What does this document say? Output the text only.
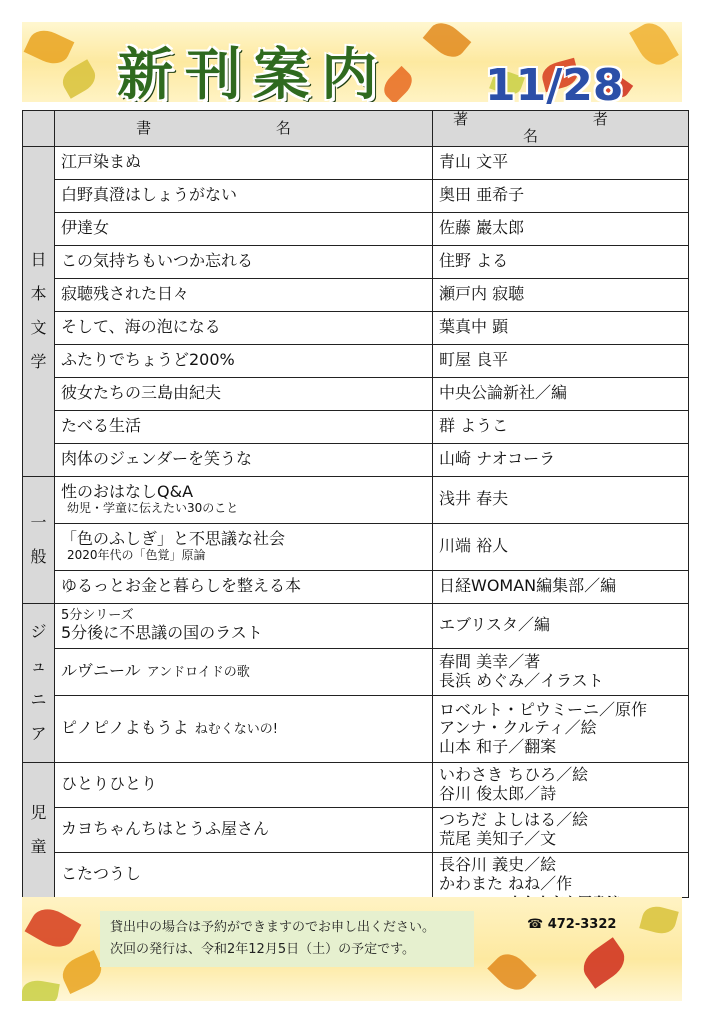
新刊案内 11/28
	書 名	著 者 名
日本文学	江戸染まぬ	青山 文平

	白野真澄はしょうがない	奥田 亜希子

	伊達女	佐藤 巖太郎

	この気持ちもいつか忘れる	住野 よる

	寂聴残された日々	瀬戸内 寂聴

	そして、海の泡になる	葉真中 顕

	ふたりでちょうど200%	町屋 良平

	彼女たちの三島由紀夫	中央公論新社／編

	たべる生活	群 ようこ

	肉体のジェンダーを笑うな	山崎 ナオコーラ

一般	性のおはなしQ&A
幼児・学童に伝えたい30のこと	浅井 春夫

	「色のふしぎ」と不思議な社会
2020年代の「色覚」原論	川端 裕人

	ゆるっとお金と暮らしを整える本	日経WOMAN編集部／編

ジュニア	5分シリーズ
5分後に不思議の国のラスト	エブリスタ／編

	ルヴニール アンドロイドの歌	春間 美幸／著
長浜 めぐみ／イラスト

	ピノピノよもうよ ねむくないの!	ロベルト・ピウミーニ／原作
アンナ・クルティ／絵
山本 和子／翻案

児童	ひとりひとり	いわさき ちひろ／絵
谷川 俊太郎／詩

	カヨちゃんちはとうふ屋さん	つちだ よしはる／絵
荒尾 美知子／文

	こたつうし	長谷川 義史／絵
かわまた ねね／作
貸出中の場合は予約ができますのでお申し出ください。
次回の発行は、令和2年12月5日（土）の予定です。
☎ 472-3322
